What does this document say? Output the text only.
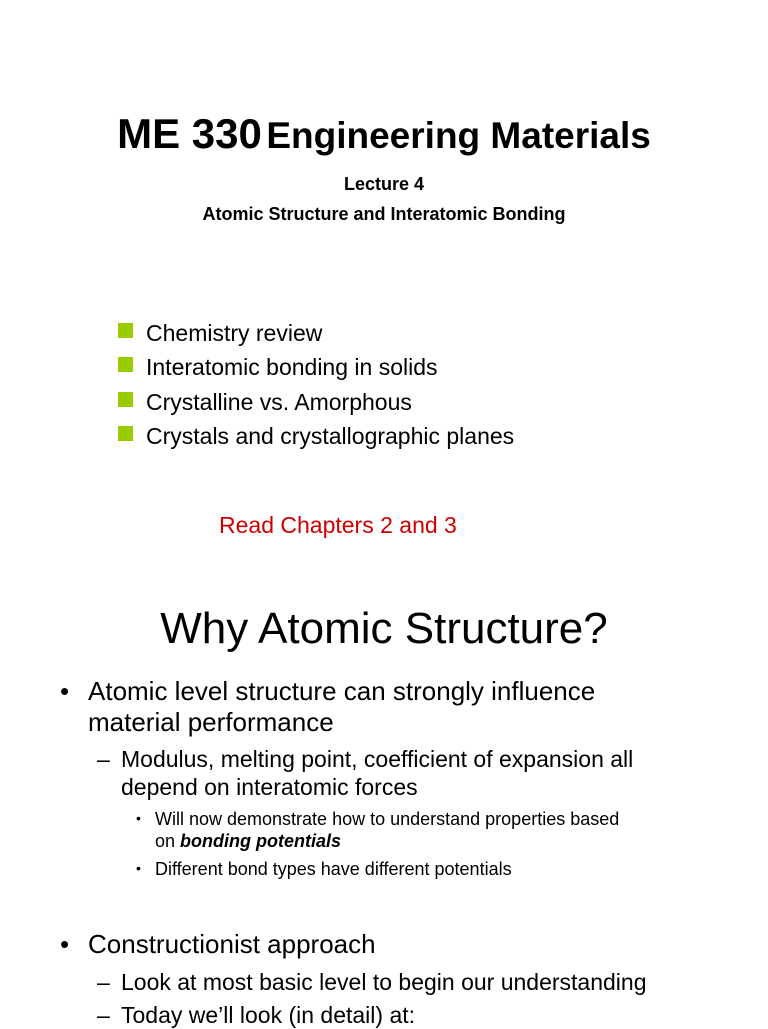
ME 330 Engineering Materials
Lecture 4
Atomic Structure and Interatomic Bonding
Chemistry review
Interatomic bonding in solids
Crystalline vs. Amorphous
Crystals and crystallographic planes
Read Chapters 2 and 3
Why Atomic Structure?
• Atomic level structure can strongly influence
material performance
– Modulus, melting point, coefficient of expansion all
depend on interatomic forces
• Will now demonstrate how to understand properties based
on bonding potentials
• Different bond types have different potentials
• Constructionist approach
– Look at most basic level to begin our understanding
– Today we’ll look (in detail) at:
